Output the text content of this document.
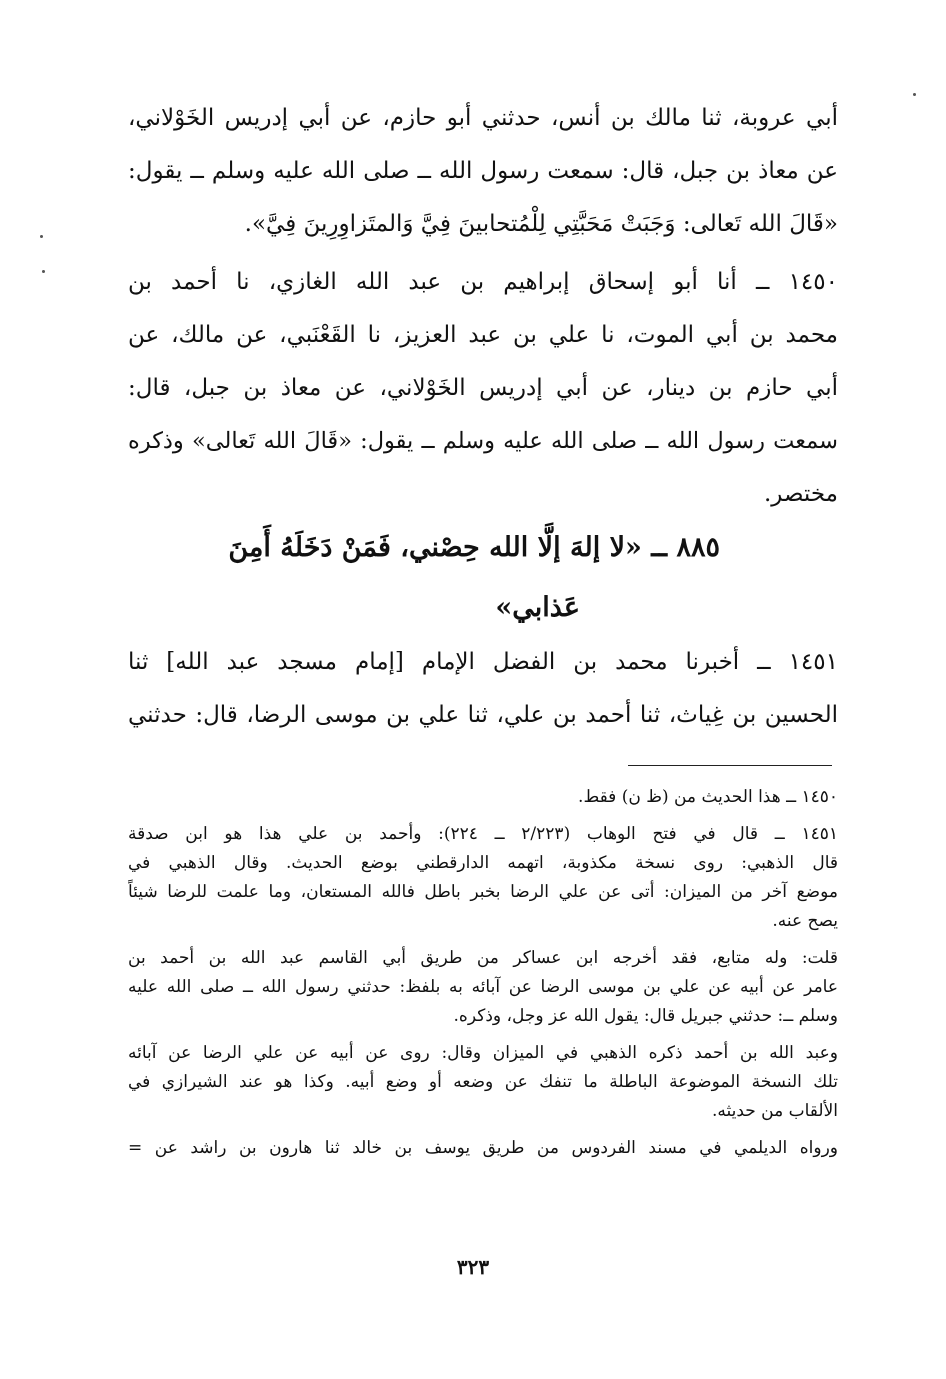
أبي عروبة، ثنا مالك بن أنس، حدثني أبو حازم، عن أبي إدريس الخَوْلاني،
عن معاذ بن جبل، قال: سمعت رسول الله ــ صلى الله عليه وسلم ــ يقول:
«قَالَ الله تَعالى: وَجَبَتْ مَحَبَّتِي لِلْمُتحابينَ فِيَّ وَالمتَزاوِرِينَ فِيَّ».
١٤٥٠ ــ أنا أبو إسحاق إبراهيم بن عبد الله الغازي، نا أحمد بن
محمد بن أبي الموت، نا علي بن عبد العزيز، نا القَعْنَبي، عن مالك، عن
أبي حازم بن دينار، عن أبي إدريس الخَوْلاني، عن معاذ بن جبل، قال:
سمعت رسول الله ــ صلى الله عليه وسلم ــ يقول: «قَالَ الله تَعالى» وذكره
مختصر.
٨٨٥ ــ «لا إلهَ إلَّا الله حِصْني، فَمَنْ دَخَلَهُ أَمِنَ
عَذابي»
١٤٥١ ــ أخبرنا محمد بن الفضل الإمام [إمام مسجد عبد الله] ثنا
الحسين بن غِياث، ثنا أحمد بن علي، ثنا علي بن موسى الرضا، قال: حدثني
١٤٥٠ ــ هذا الحديث من (ظ ن) فقط.
١٤٥١ ــ قال في فتح الوهاب (٢/٢٢٣ ــ ٢٢٤): وأحمد بن علي هذا هو ابن صدقة
قال الذهبي: روى نسخة مكذوبة، اتهمه الدارقطني بوضع الحديث. وقال الذهبي في
موضع آخر من الميزان: أتى عن علي الرضا بخبر باطل فالله المستعان، وما علمت للرضا شيئاً
يصح عنه.
قلت: وله متابع، فقد أخرجه ابن عساكر من طريق أبي القاسم عبد الله بن أحمد بن
عامر عن أبيه عن علي بن موسى الرضا عن آبائه به بلفظ: حدثني رسول الله ــ صلى الله عليه
وسلم ــ: حدثني جبريل قال: يقول الله عز وجل، وذكره.
وعبد الله بن أحمد ذكره الذهبي في الميزان وقال: روى عن أبيه عن علي الرضا عن آبائه
تلك النسخة الموضوعة الباطلة ما تنفك عن وضعه أو وضع أبيه. وكذا هو عند الشيرازي في
الألقاب من حديثه.
ورواه الديلمي في مسند الفردوس من طريق يوسف بن خالد ثنا هارون بن راشد عن =
٣٢٣
